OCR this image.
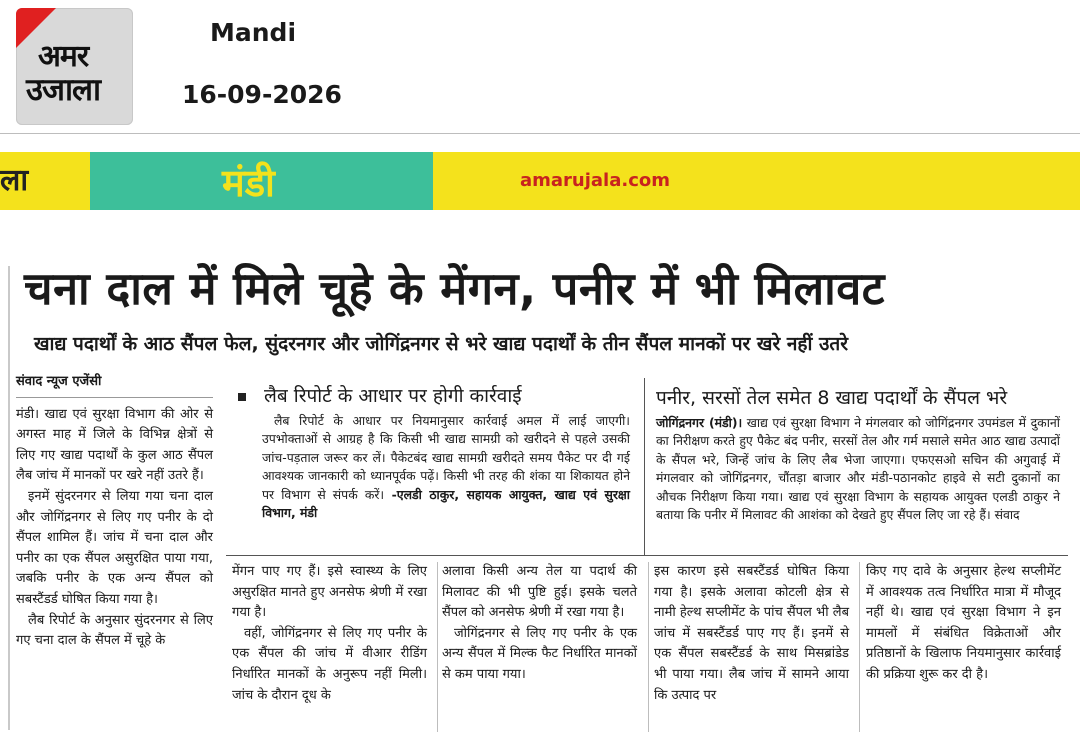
अमर
उजाला
Mandi
16-09-2026
ला	मंडी	amarujala.com
चना दाल में मिले चूहे के मेंगन, पनीर में भी मिलावट
खाद्य पदार्थों के आठ सैंपल फेल, सुंदरनगर और जोगिंद्रनगर से भरे खाद्य पदार्थों के तीन सैंपल मानकों पर खरे नहीं उतरे
संवाद न्यूज एजेंसी

मंडी। खाद्य एवं सुरक्षा विभाग की ओर से अगस्त माह में जिले के विभिन्न क्षेत्रों से लिए गए खाद्य पदार्थों के कुल आठ सैंपल लैब जांच में मानकों पर खरे नहीं उतरे हैं।

इनमें सुंदरनगर से लिया गया चना दाल और जोगिंद्रनगर से लिए गए पनीर के दो सैंपल शामिल हैं। जांच में चना दाल और पनीर का एक सैंपल असुरक्षित पाया गया, जबकि पनीर के एक अन्य सैंपल को सबस्टैंडर्ड घोषित किया गया है।

लैब रिपोर्ट के अनुसार सुंदरनगर से लिए गए चना दाल के सैंपल में चूहे के

लैब रिपोर्ट के आधार पर होगी कार्रवाई

लैब रिपोर्ट के आधार पर नियमानुसार कार्रवाई अमल में लाई जाएगी। उपभोक्ताओं से आग्रह है कि किसी भी खाद्य सामग्री को खरीदने से पहले उसकी जांच-पड़ताल जरूर कर लें। पैकेटबंद खाद्य सामग्री खरीदते समय पैकेट पर दी गई आवश्यक जानकारी को ध्यानपूर्वक पढ़ें। किसी भी तरह की शंका या शिकायत होने पर विभाग से संपर्क करें। -एलडी ठाकुर, सहायक आयुक्त, खाद्य एवं सुरक्षा विभाग, मंडी

पनीर, सरसों तेल समेत 8 खाद्य पदार्थों के सैंपल भरे

जोगिंद्रनगर (मंडी)। खाद्य एवं सुरक्षा विभाग ने मंगलवार को जोगिंद्रनगर उपमंडल में दुकानों का निरीक्षण करते हुए पैकेट बंद पनीर, सरसों तेल और गर्म मसाले समेत आठ खाद्य उत्पादों के सैंपल भरे, जिन्हें जांच के लिए लैब भेजा जाएगा। एफएसओ सचिन की अगुवाई में मंगलवार को जोगिंद्रनगर, चौंतड़ा बाजार और मंडी-पठानकोट हाइवे से सटी दुकानों का औचक निरीक्षण किया गया। खाद्य एवं सुरक्षा विभाग के सहायक आयुक्त एलडी ठाकुर ने बताया कि पनीर में मिलावट की आशंका को देखते हुए सैंपल लिए जा रहे हैं। संवाद

मेंगन पाए गए हैं। इसे स्वास्थ्य के लिए असुरक्षित मानते हुए अनसेफ श्रेणी में रखा गया है।

वहीं, जोगिंद्रनगर से लिए गए पनीर के एक सैंपल की जांच में वीआर रीडिंग निर्धारित मानकों के अनुरूप नहीं मिली। जांच के दौरान दूध के

अलावा किसी अन्य तेल या पदार्थ की मिलावट की भी पुष्टि हुई। इसके चलते सैंपल को अनसेफ श्रेणी में रखा गया है।

जोगिंद्रनगर से लिए गए पनीर के एक अन्य सैंपल में मिल्क फैट निर्धारित मानकों से कम पाया गया।

इस कारण इसे सबस्टैंडर्ड घोषित किया गया है। इसके अलावा कोटली क्षेत्र से नामी हेल्थ सप्लीमेंट के पांच सैंपल भी लैब जांच में सबस्टैंडर्ड पाए गए हैं। इनमें से एक सैंपल सबस्टैंडर्ड के साथ मिसब्रांडेड भी पाया गया। लैब जांच में सामने आया कि उत्पाद पर

किए गए दावे के अनुसार हेल्थ सप्लीमेंट में आवश्यक तत्व निर्धारित मात्रा में मौजूद नहीं थे। खाद्य एवं सुरक्षा विभाग ने इन मामलों में संबंधित विक्रेताओं और प्रतिष्ठानों के खिलाफ नियमानुसार कार्रवाई की प्रक्रिया शुरू कर दी है।
